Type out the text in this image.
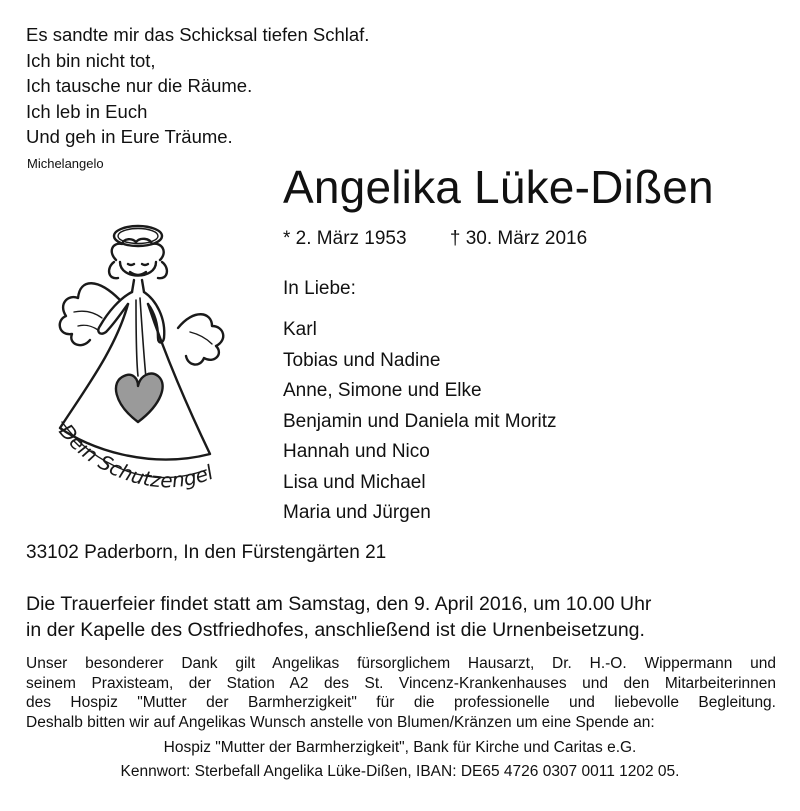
Es sandte mir das Schicksal tiefen Schlaf.
Ich bin nicht tot,
Ich tausche nur die Räume.
Ich leb in Euch
Und geh in Eure Träume.
Michelangelo	Angelika Lüke-Dißen
* 2. März 1953 † 30. März 2016
In Liebe:
Karl
Tobias und Nadine
Anne, Simone und Elke
Benjamin und Daniela mit Moritz
Hannah und Nico
Lisa und Michael
Maria und Jürgen
Dein Schutzengel
33102 Paderborn, In den Fürstengärten 21
Die Trauerfeier findet statt am Samstag, den 9. April 2016, um 10.00 Uhr
in der Kapelle des Ostfriedhofes, anschließend ist die Urnenbeisetzung.
Unser besonderer Dank gilt Angelikas fürsorglichem Hausarzt, Dr. H.-O. Wippermann und
seinem Praxisteam, der Station A2 des St. Vincenz-Krankenhauses und den Mitarbeiterinnen
des Hospiz "Mutter der Barmherzigkeit" für die professionelle und liebevolle Begleitung.
Deshalb bitten wir auf Angelikas Wunsch anstelle von Blumen/Kränzen um eine Spende an:
Hospiz "Mutter der Barmherzigkeit", Bank für Kirche und Caritas e.G.
Kennwort: Sterbefall Angelika Lüke-Dißen, IBAN: DE65 4726 0307 0011 1202 05.
